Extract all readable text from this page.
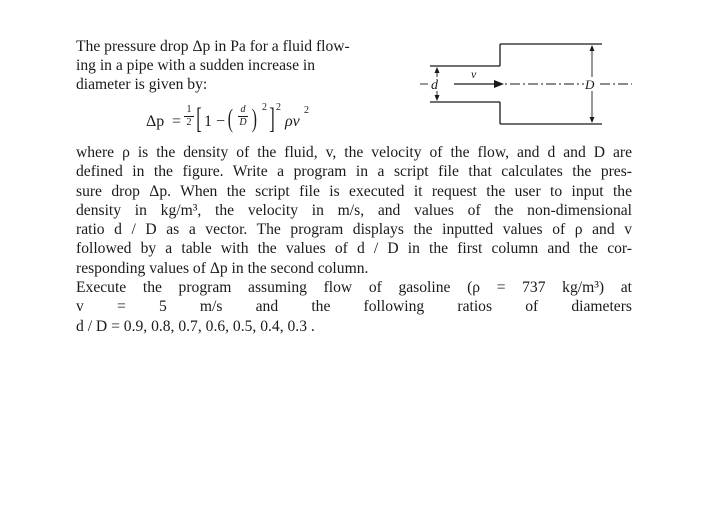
The pressure drop Δp in Pa for a fluid flow-
ing in a pipe with a sudden increase in
diameter is given by:
Δp =
1
2 [ 1 − ( d
D ) 2 ] 2
ρv
2
d	D
v
where ρ is the density of the fluid, v, the velocity of the flow, and d and D are
defined in the figure. Write a program in a script file that calculates the pres-
sure drop Δp. When the script file is executed it request the user to input the
density in kg/m³, the velocity in m/s, and values of the non-dimensional
ratio d / D as a vector. The program displays the inputted values of ρ and v
followed by a table with the values of d / D in the first column and the cor-
responding values of Δp in the second column.
Execute the program assuming flow of gasoline (ρ = 737 kg/m³) at
v = 5 m/s and the following ratios of diameters
d / D = 0.9, 0.8, 0.7, 0.6, 0.5, 0.4, 0.3 .
